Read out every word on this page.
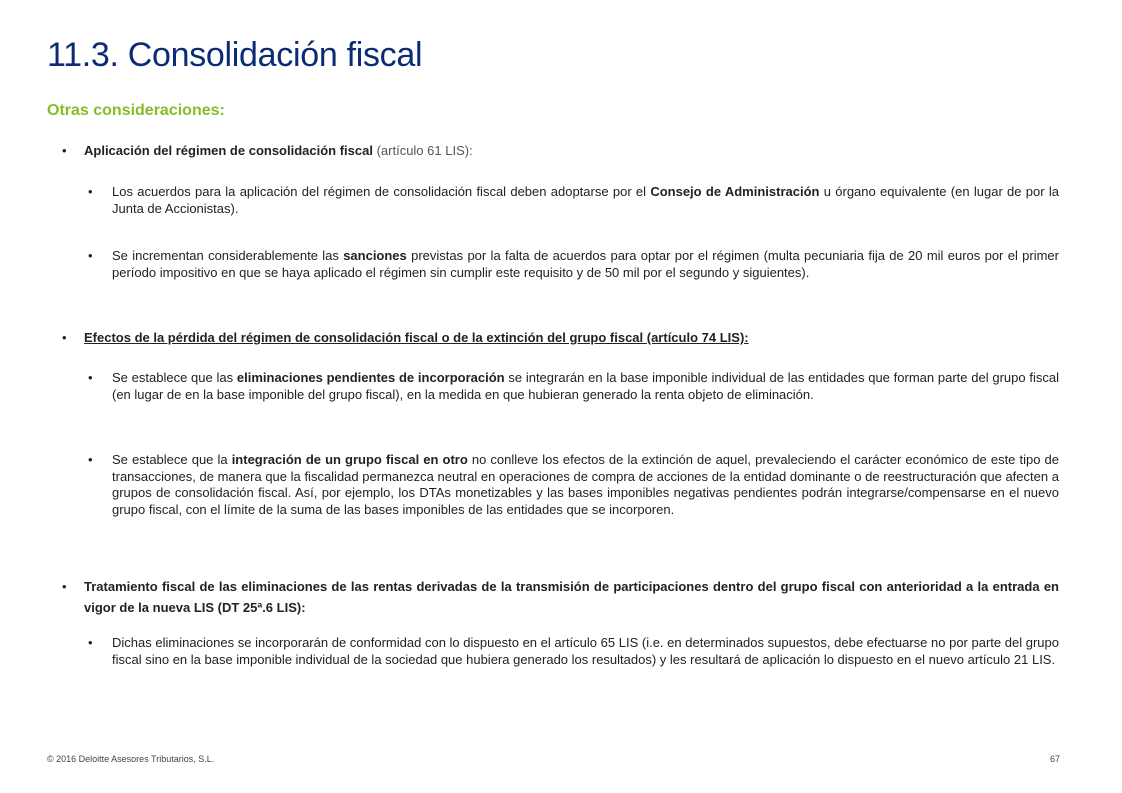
11.3. Consolidación fiscal
Otras consideraciones:
• Aplicación del régimen de consolidación fiscal (artículo 61 LIS):
• Los acuerdos para la aplicación del régimen de consolidación fiscal deben adoptarse por el Consejo de Administración u órgano equivalente (en lugar de por la Junta de Accionistas).
• Se incrementan considerablemente las sanciones previstas por la falta de acuerdos para optar por el régimen (multa pecuniaria fija de 20 mil euros por el primer período impositivo en que se haya aplicado el régimen sin cumplir este requisito y de 50 mil por el segundo y siguientes).
• Efectos de la pérdida del régimen de consolidación fiscal o de la extinción del grupo fiscal (artículo 74 LIS):
• Se establece que las eliminaciones pendientes de incorporación se integrarán en la base imponible individual de las entidades que forman parte del grupo fiscal (en lugar de en la base imponible del grupo fiscal), en la medida en que hubieran generado la renta objeto de eliminación.
• Se establece que la integración de un grupo fiscal en otro no conlleve los efectos de la extinción de aquel, prevaleciendo el carácter económico de este tipo de transacciones, de manera que la fiscalidad permanezca neutral en operaciones de compra de acciones de la entidad dominante o de reestructuración que afecten a grupos de consolidación fiscal. Así, por ejemplo, los DTAs monetizables y las bases imponibles negativas pendientes podrán integrarse/compensarse en el nuevo grupo fiscal, con el límite de la suma de las bases imponibles de las entidades que se incorporen.
• Tratamiento fiscal de las eliminaciones de las rentas derivadas de la transmisión de participaciones dentro del grupo fiscal con anterioridad a la entrada en vigor de la nueva LIS (DT 25ª.6 LIS):
• Dichas eliminaciones se incorporarán de conformidad con lo dispuesto en el artículo 65 LIS (i.e. en determinados supuestos, debe efectuarse no por parte del grupo fiscal sino en la base imponible individual de la sociedad que hubiera generado los resultados) y les resultará de aplicación lo dispuesto en el nuevo artículo 21 LIS.
© 2016 Deloitte Asesores Tributarios, S.L.	67
